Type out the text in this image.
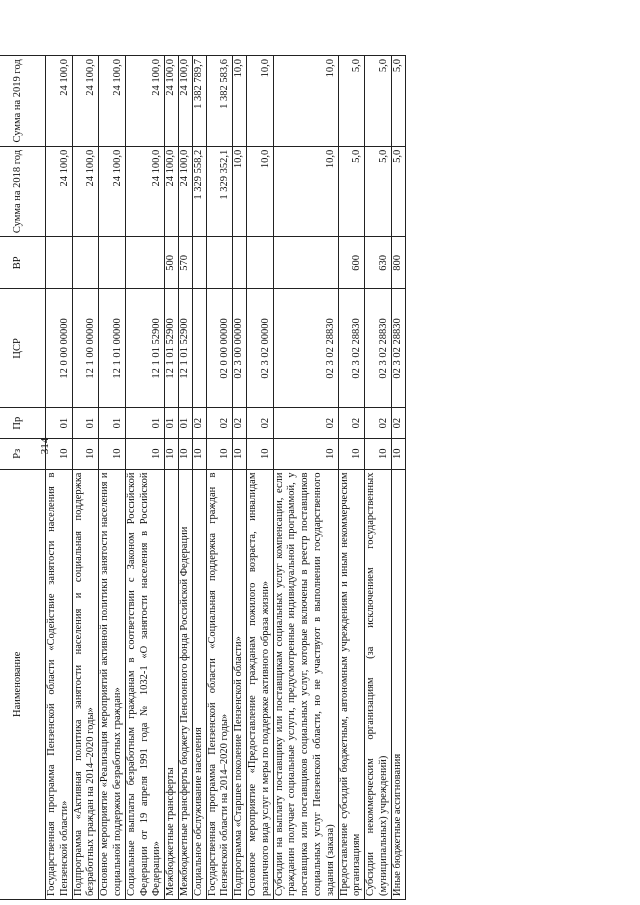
314
Наименование	Рз	Пр	ЦСР	ВР	Сумма на 2018 год	Сумма на 2019 год
Государственная программа Пензенской области «Содействие занятости населения в Пензенской области»	10	01	12 0 00 00000		24 100,0	24 100,0
Подпрограмма «Активная политика занятости населения и социальная поддержка безработных граждан на 2014–2020 годы»	10	01	12 1 00 00000		24 100,0	24 100,0
Основное мероприятие «Реализация мероприятий активной политики занятости населения и социальной поддержки безработных граждан»	10	01	12 1 01 00000		24 100,0	24 100,0
Социальные выплаты безработным гражданам в соответствии с Законом Российской Федерации от 19 апреля 1991 года № 1032-1 «О занятости населения в Российской Федерации»	10	01	12 1 01 52900		24 100,0	24 100,0
Межбюджетные трансферты	10	01	12 1 01 52900	500	24 100,0	24 100,0
Межбюджетные трансферты бюджету Пенсионного фонда Российской Федерации	10	01	12 1 01 52900	570	24 100,0	24 100,0
Социальное обслуживание населения	10	02			1 329 558,2	1 382 789,7
Государственная программа Пензенской области «Социальная поддержка граждан в Пензенской области на 2014–2020 годы»	10	02	02 0 00 00000		1 329 352,1	1 382 583,6
Подпрограмма «Старшее поколение Пензенской области»	10	02	02 3 00 00000		10,0	10,0
Основное мероприятие «Предоставление гражданам пожилого возраста, инвалидам различного вида услуг и меры по поддержке активного образа жизни»	10	02	02 3 02 00000		10,0	10,0
Субсидии на выплату поставщику или поставщикам социальных услуг компенсации, если гражданин получает социальные услуги, предусмотренные индивидуальной программой, у поставщика или поставщиков социальных услуг, которые включены в реестр поставщиков социальных услуг Пензенской области, но не участвуют в выполнении государственного задания (заказа)	10	02	02 3 02 28830		10,0	10,0
Предоставление субсидий бюджетным, автономным учреждениям и иным некоммерческим организациям	10	02	02 3 02 28830	600	5,0	5,0
Субсидии некоммерческим организациям (за исключением государственных (муниципальных) учреждений)	10	02	02 3 02 28830	630	5,0	5,0
Иные бюджетные ассигнования	10	02	02 3 02 28830	800	5,0	5,0
